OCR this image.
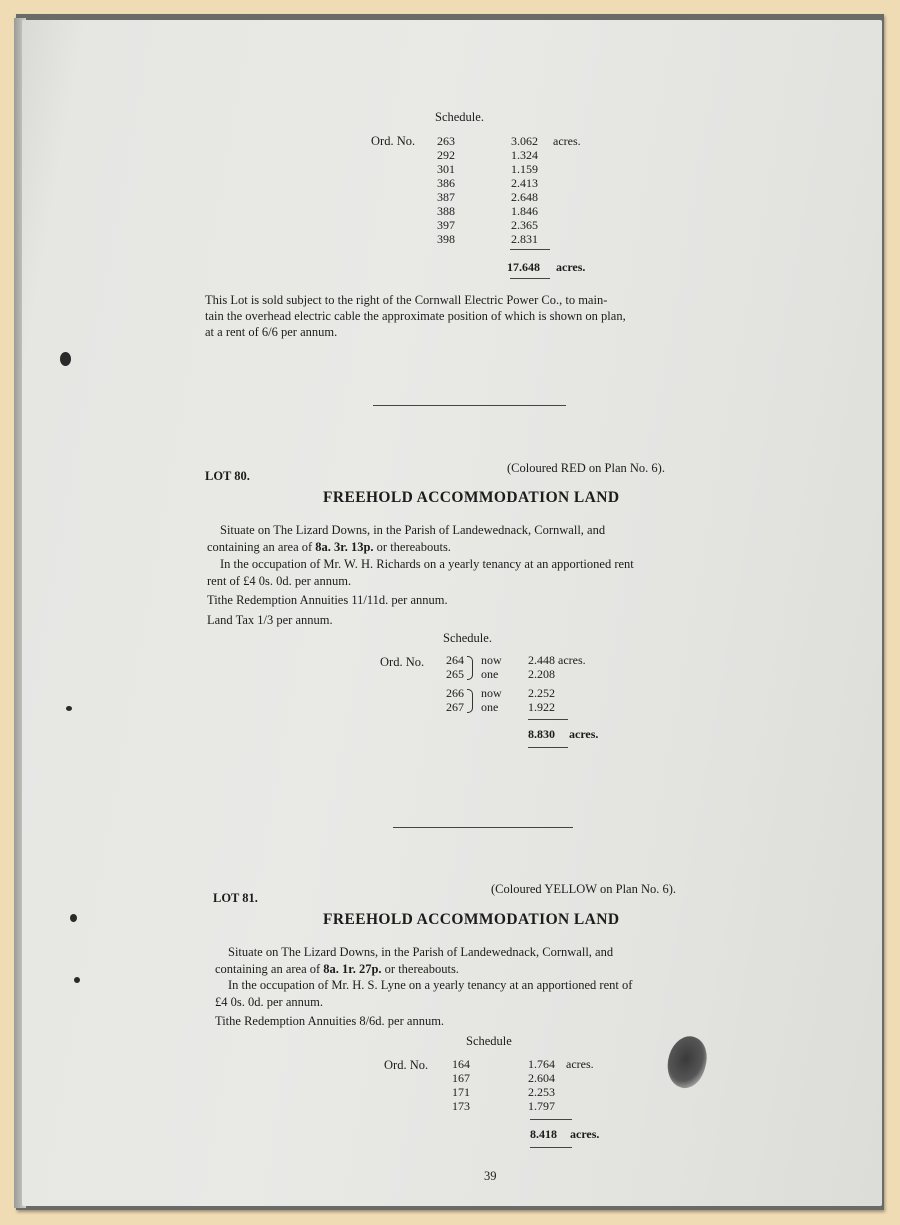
Schedule.
Ord. No. 263
292
301
386
387
388
397
398
3.062
1.324
1.159
2.413
2.648
1.846
2.365
2.831
acres.
17.648 acres.
This Lot is sold subject to the right of the Cornwall Electric Power Co., to main-
tain the overhead electric cable the approximate position of which is shown on plan,
at a rent of 6/6 per annum.
LOT 80.
(Coloured RED on Plan No. 6).
FREEHOLD ACCOMMODATION LAND
Situate on The Lizard Downs, in the Parish of Landewednack, Cornwall, and
containing an area of 8a. 3r. 13p. or thereabouts.
In the occupation of Mr. W. H. Richards on a yearly tenancy at an apportioned rent
rent of £4 0s. 0d. per annum.
Tithe Redemption Annuities 11/11d. per annum.
Land Tax 1/3 per annum.
Schedule.
Ord. No. 264
265
now
one
2.448 acres.
2.208
266
267
now
one
2.252
1.922
8.830 acres.
LOT 81.
(Coloured YELLOW on Plan No. 6).
FREEHOLD ACCOMMODATION LAND
Situate on The Lizard Downs, in the Parish of Landewednack, Cornwall, and
containing an area of 8a. 1r. 27p. or thereabouts.
In the occupation of Mr. H. S. Lyne on a yearly tenancy at an apportioned rent of
£4 0s. 0d. per annum.
Tithe Redemption Annuities 8/6d. per annum.
Schedule
Ord. No. 164
167
171
173
1.764
2.604
2.253
1.797
acres.
8.418 acres.
39
